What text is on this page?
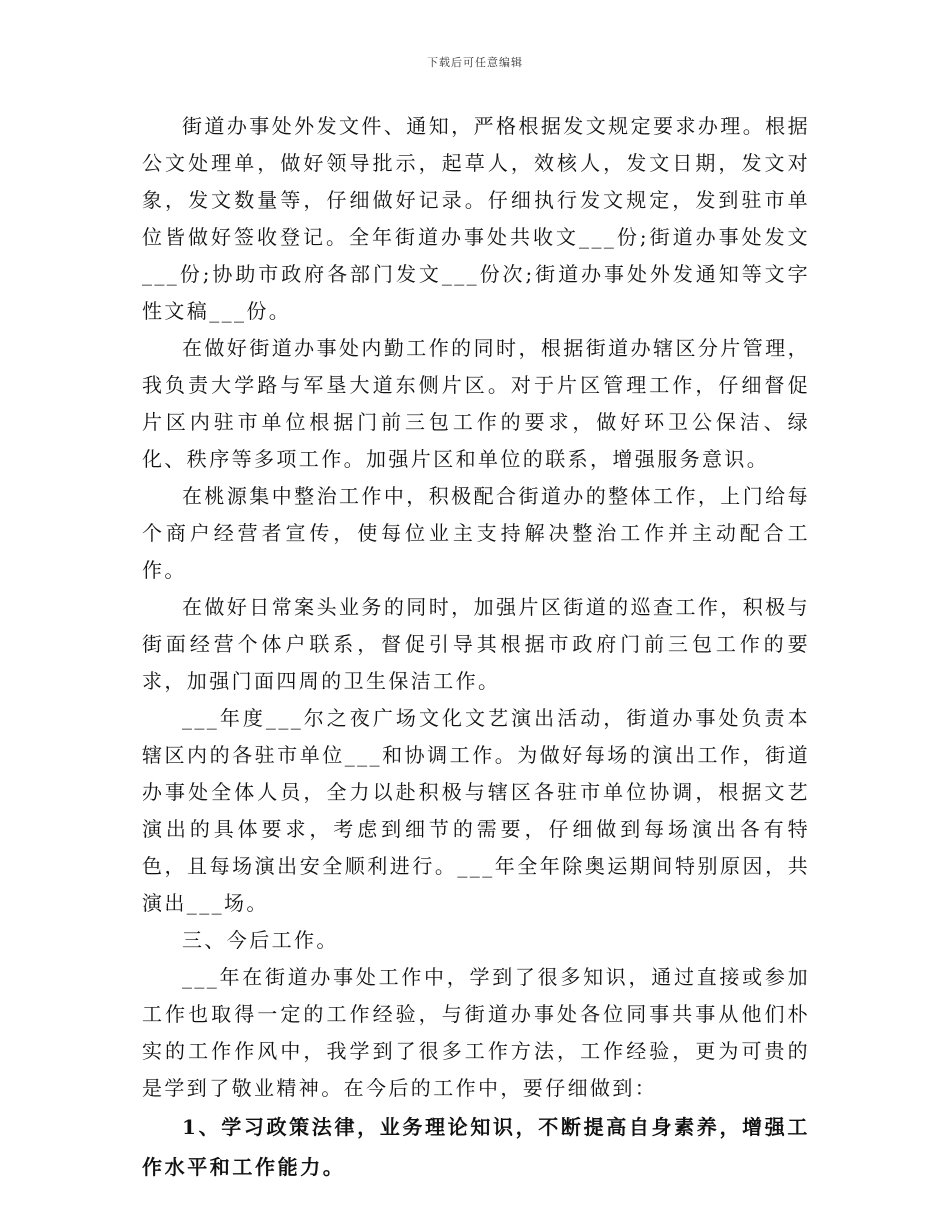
下载后可任意编辑

街道办事处外发文件、通知，严格根据发文规定要求办理。根据公文处理单，做好领导批示，起草人，效核人，发文日期，发文对象，发文数量等，仔细做好记录。仔细执行发文规定，发到驻市单位皆做好签收登记。全年街道办事处共收文___份;街道办事处发文___份;协助市政府各部门发文___份次;街道办事处外发通知等文字性文稿___份。

在做好街道办事处内勤工作的同时，根据街道办辖区分片管理，我负责大学路与军垦大道东侧片区。对于片区管理工作，仔细督促片区内驻市单位根据门前三包工作的要求，做好环卫公保洁、绿化、秩序等多项工作。加强片区和单位的联系，增强服务意识。

在桃源集中整治工作中，积极配合街道办的整体工作，上门给每个商户经营者宣传，使每位业主支持解决整治工作并主动配合工作。

在做好日常案头业务的同时，加强片区街道的巡查工作，积极与街面经营个体户联系，督促引导其根据市政府门前三包工作的要求，加强门面四周的卫生保洁工作。

___年度___尔之夜广场文化文艺演出活动，街道办事处负责本辖区内的各驻市单位___和协调工作。为做好每场的演出工作，街道办事处全体人员，全力以赴积极与辖区各驻市单位协调，根据文艺演出的具体要求，考虑到细节的需要，仔细做到每场演出各有特色，且每场演出安全顺利进行。___年全年除奥运期间特别原因，共演出___场。

三、今后工作。

___年在街道办事处工作中，学到了很多知识，通过直接或参加工作也取得一定的工作经验，与街道办事处各位同事共事从他们朴实的工作作风中，我学到了很多工作方法，工作经验，更为可贵的是学到了敬业精神。在今后的工作中，要仔细做到：

1、学习政策法律，业务理论知识，不断提高自身素养，增强工作水平和工作能力。
